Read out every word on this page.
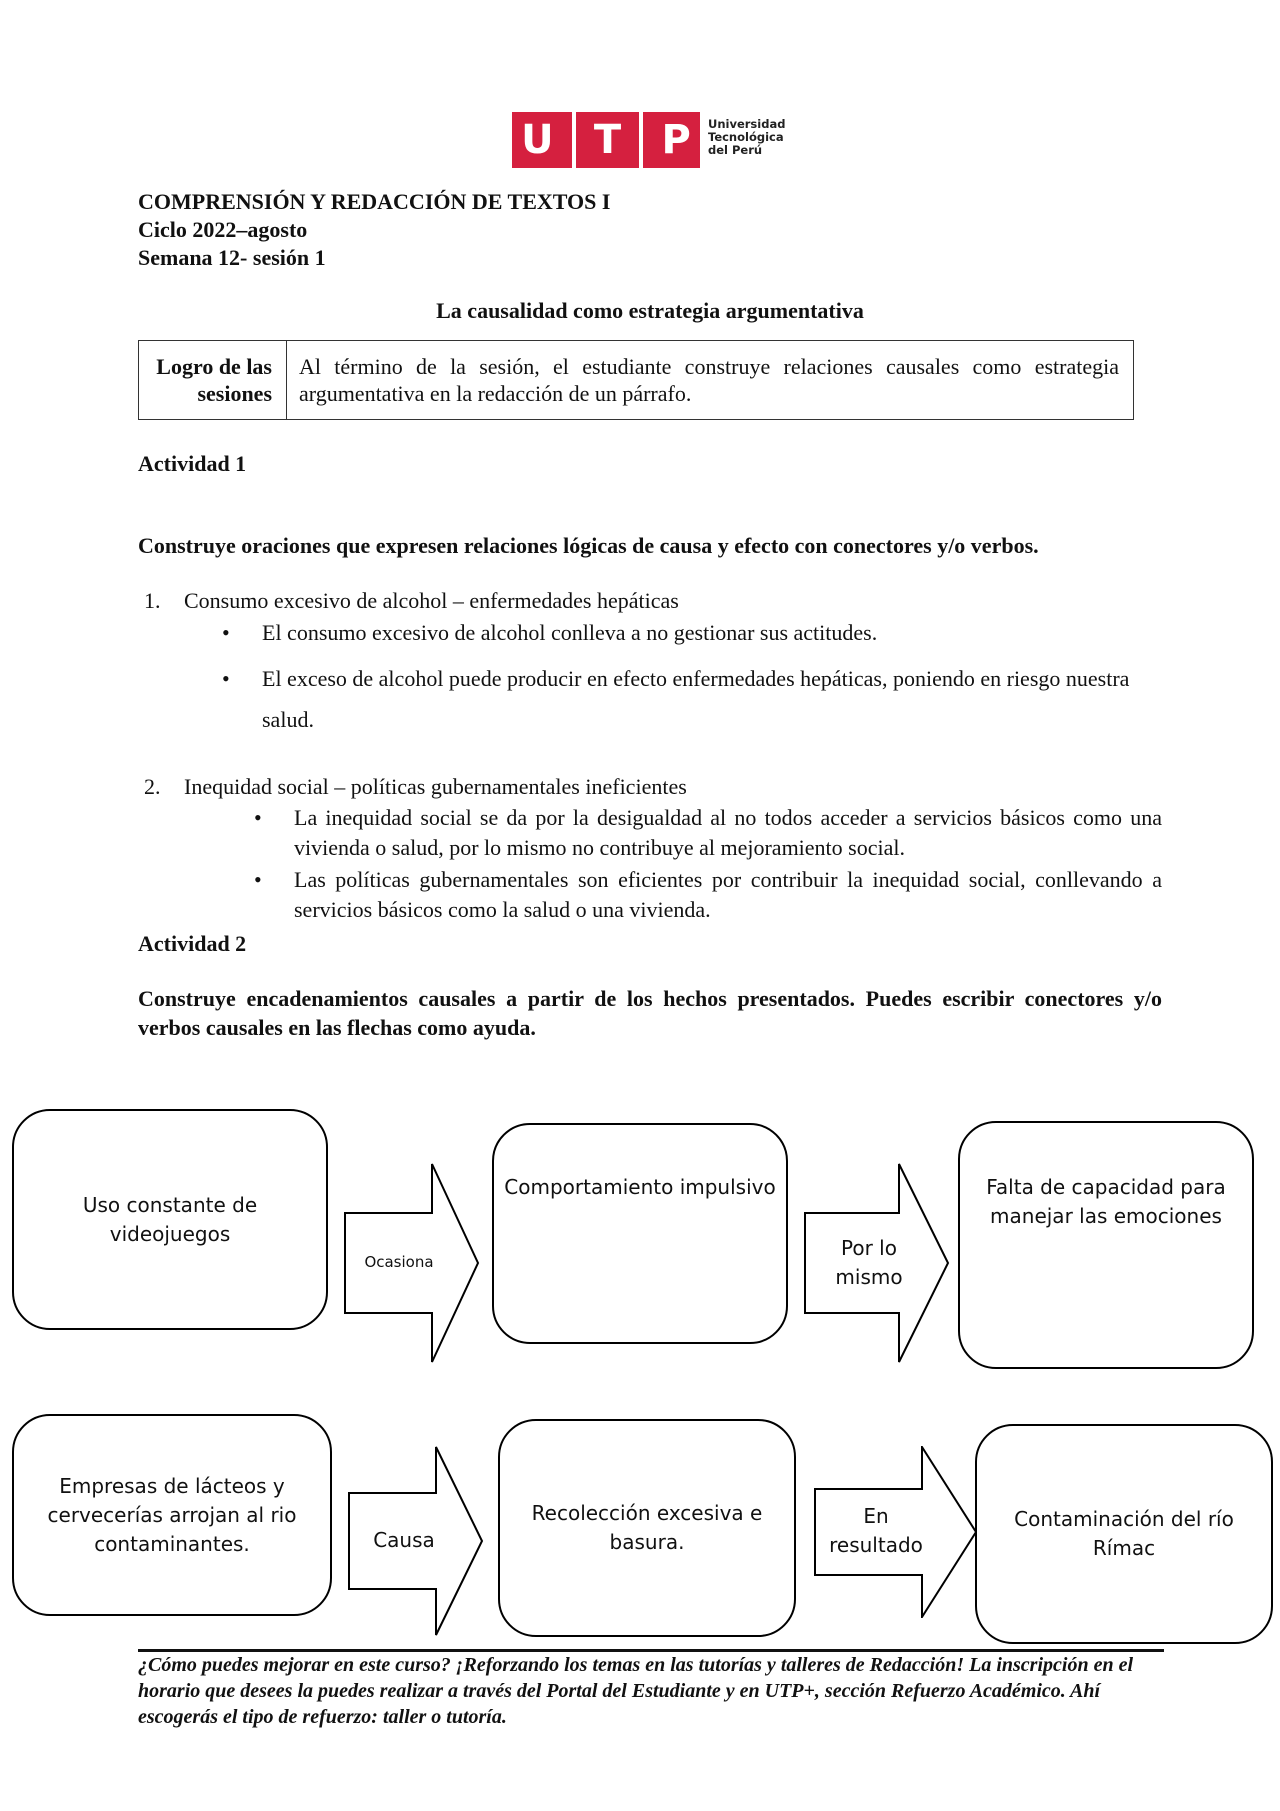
U T P Universidad
Tecnológica
del Perú
COMPRENSIÓN Y REDACCIÓN DE TEXTOS I
Ciclo 2022–agosto
Semana 12- sesión 1
La causalidad como estrategia argumentativa
Logro de las sesiones
Al término de la sesión, el estudiante construye relaciones causales como estrategia argumentativa en la redacción de un párrafo.
Actividad 1
Construye oraciones que expresen relaciones lógicas de causa y efecto con conectores y/o verbos.
1. Consumo excesivo de alcohol – enfermedades hepáticas
• El consumo excesivo de alcohol conlleva a no gestionar sus actitudes.
• El exceso de alcohol puede producir en efecto enfermedades hepáticas, poniendo en riesgo nuestra salud.
2. Inequidad social – políticas gubernamentales ineficientes
• La inequidad social se da por la desigualdad al no todos acceder a servicios básicos como una vivienda o salud, por lo mismo no contribuye al mejoramiento social.
• Las políticas gubernamentales son eficientes por contribuir la inequidad social, conllevando a servicios básicos como la salud o una vivienda.
Actividad 2
Construye encadenamientos causales a partir de los hechos presentados. Puedes escribir conectores y/o verbos causales en las flechas como ayuda.
Uso constante de videojuegos
Ocasiona
Comportamiento impulsivo
Por lo mismo
Falta de capacidad para manejar las emociones
Empresas de lácteos y cervecerías arrojan al rio contaminantes.	Causa
Recolección excesiva e basura.
En resultado
Contaminación del río Rímac
¿Cómo puedes mejorar en este curso? ¡Reforzando los temas en las tutorías y talleres de Redacción! La inscripción en el horario que desees la puedes realizar a través del Portal del Estudiante y en UTP+, sección Refuerzo Académico. Ahí escogerás el tipo de refuerzo: taller o tutoría.
